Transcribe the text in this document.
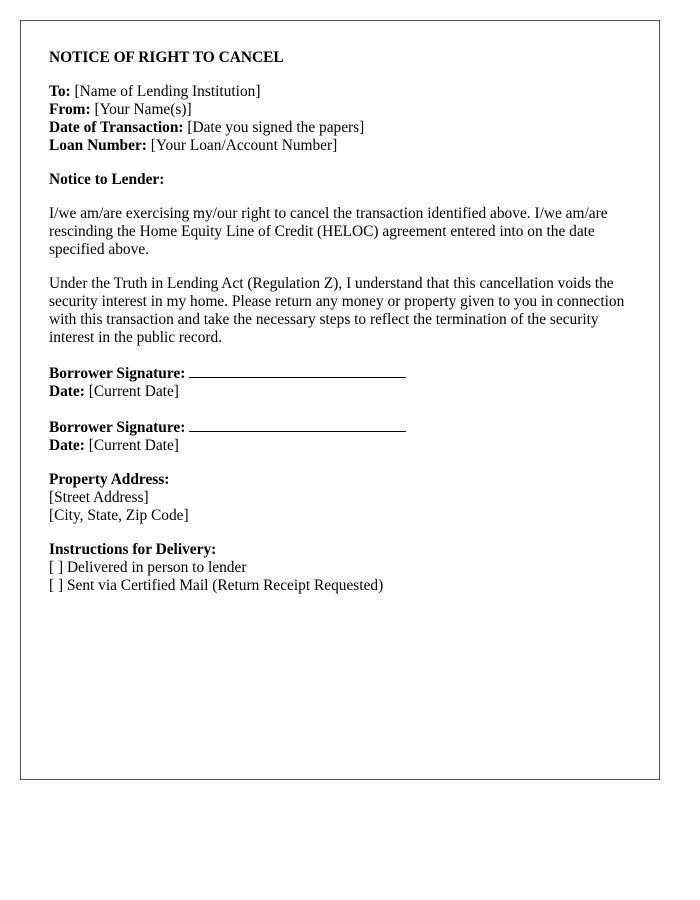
NOTICE OF RIGHT TO CANCEL
To: [Name of Lending Institution]
From: [Your Name(s)]
Date of Transaction: [Date you signed the papers]
Loan Number: [Your Loan/Account Number]
Notice to Lender:
I/we am/are exercising my/our right to cancel the transaction identified above. I/we am/are rescinding the Home Equity Line of Credit (HELOC) agreement entered into on the date specified above.
Under the Truth in Lending Act (Regulation Z), I understand that this cancellation voids the security interest in my home. Please return any money or property given to you in connection with this transaction and take the necessary steps to reflect the termination of the security interest in the public record.
Borrower Signature:
Date: [Current Date]
Borrower Signature:
Date: [Current Date]
Property Address:
[Street Address]
[City, State, Zip Code]
Instructions for Delivery:
[ ] Delivered in person to lender
[ ] Sent via Certified Mail (Return Receipt Requested)
